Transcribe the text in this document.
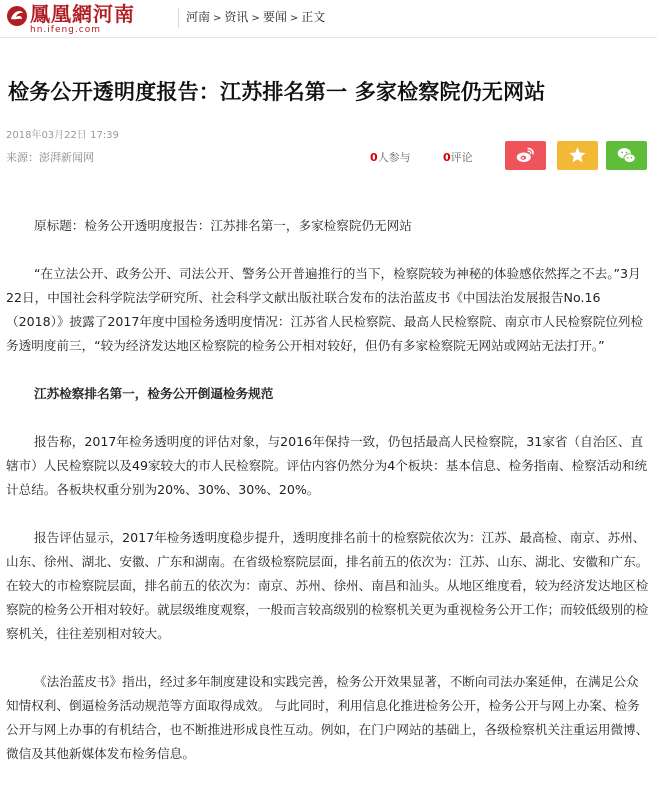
鳳凰網河南
hn.ifeng.com
河南 > 资讯 > 要闻 > 正文
检务公开透明度报告：江苏排名第一 多家检察院仍无网站
2018年03月22日 17:39
来源：澎湃新闻网	0人参与	0评论

原标题：检务公开透明度报告：江苏排名第一，多家检察院仍无网站

“在立法公开、政务公开、司法公开、警务公开普遍推行的当下，检察院较为神秘的体验感依然挥之不去。”3月22日，中国社会科学院法学研究所、社会科学文献出版社联合发布的法治蓝皮书《中国法治发展报告No.16（2018）》披露了2017年度中国检务透明度情况：江苏省人民检察院、最高人民检察院、南京市人民检察院位列检务透明度前三，“较为经济发达地区检察院的检务公开相对较好，但仍有多家检察院无网站或网站无法打开。”

江苏检察排名第一，检务公开倒逼检务规范

报告称，2017年检务透明度的评估对象，与2016年保持一致，仍包括最高人民检察院，31家省（自治区、直辖市）人民检察院以及49家较大的市人民检察院。评估内容仍然分为4个板块：基本信息、检务指南、检察活动和统计总结。各板块权重分别为20%、30%、30%、20%。

报告评估显示，2017年检务透明度稳步提升，透明度排名前十的检察院依次为：江苏、最高检、南京、苏州、山东、徐州、湖北、安徽、广东和湖南。在省级检察院层面，排名前五的依次为：江苏、山东、湖北、安徽和广东。在较大的市检察院层面，排名前五的依次为：南京、苏州、徐州、南昌和汕头。从地区维度看，较为经济发达地区检察院的检务公开相对较好。就层级维度观察，一般而言较高级别的检察机关更为重视检务公开工作；而较低级别的检察机关，往往差别相对较大。

《法治蓝皮书》指出，经过多年制度建设和实践完善，检务公开效果显著，不断向司法办案延伸，在满足公众知情权利、倒逼检务活动规范等方面取得成效。 与此同时，利用信息化推进检务公开，检务公开与网上办案、检务公开与网上办事的有机结合，也不断推进形成良性互动。例如，在门户网站的基础上，各级检察机关注重运用微博、微信及其他新媒体发布检务信息。
